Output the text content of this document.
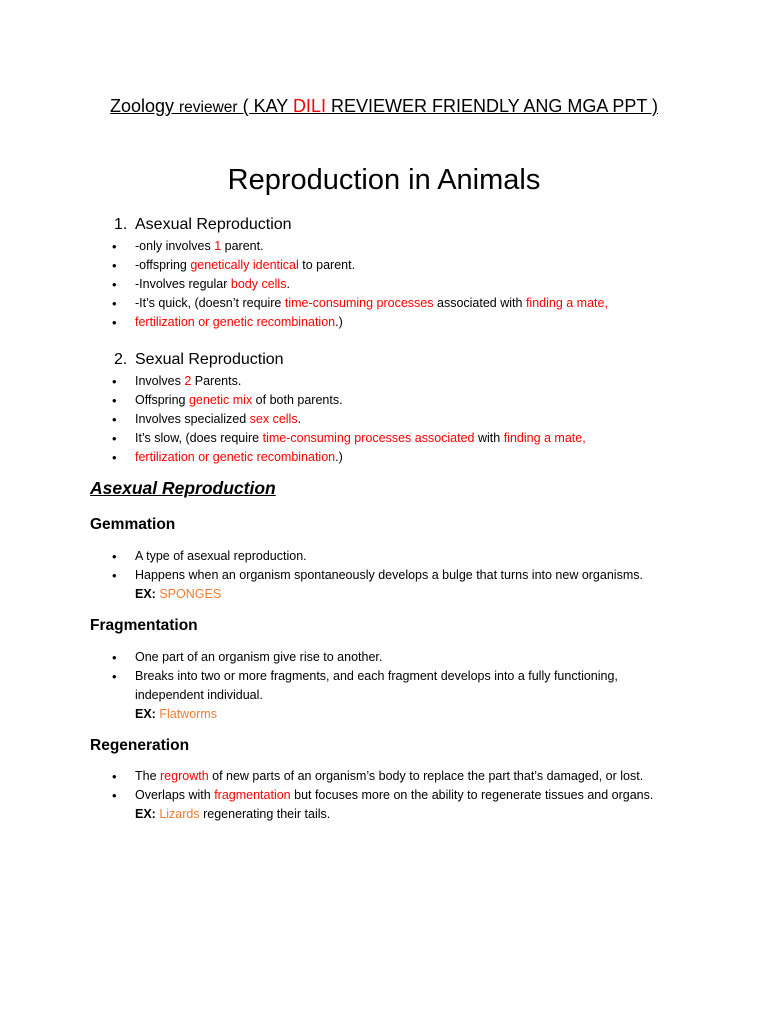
Zoology reviewer ( KAY DILI REVIEWER FRIENDLY ANG MGA PPT )
Reproduction in Animals
1. Asexual Reproduction
• -only involves 1 parent.
• -offspring genetically identical to parent.
• -Involves regular body cells.
• -It’s quick, (doesn’t require time-consuming processes associated with finding a mate,
• fertilization or genetic recombination.)
2. Sexual Reproduction
• Involves 2 Parents.
• Offspring genetic mix of both parents.
• Involves specialized sex cells.
• It’s slow, (does require time-consuming processes associated with finding a mate,
• fertilization or genetic recombination.)
Asexual Reproduction
Gemmation
• A type of asexual reproduction.
• Happens when an organism spontaneously develops a bulge that turns into new organisms.
EX: SPONGES
Fragmentation
• One part of an organism give rise to another.
• Breaks into two or more fragments, and each fragment develops into a fully functioning, independent individual.
EX: Flatworms
Regeneration
• The regrowth of new parts of an organism’s body to replace the part that’s damaged, or lost.
• Overlaps with fragmentation but focuses more on the ability to regenerate tissues and organs.
EX: Lizards regenerating their tails.
